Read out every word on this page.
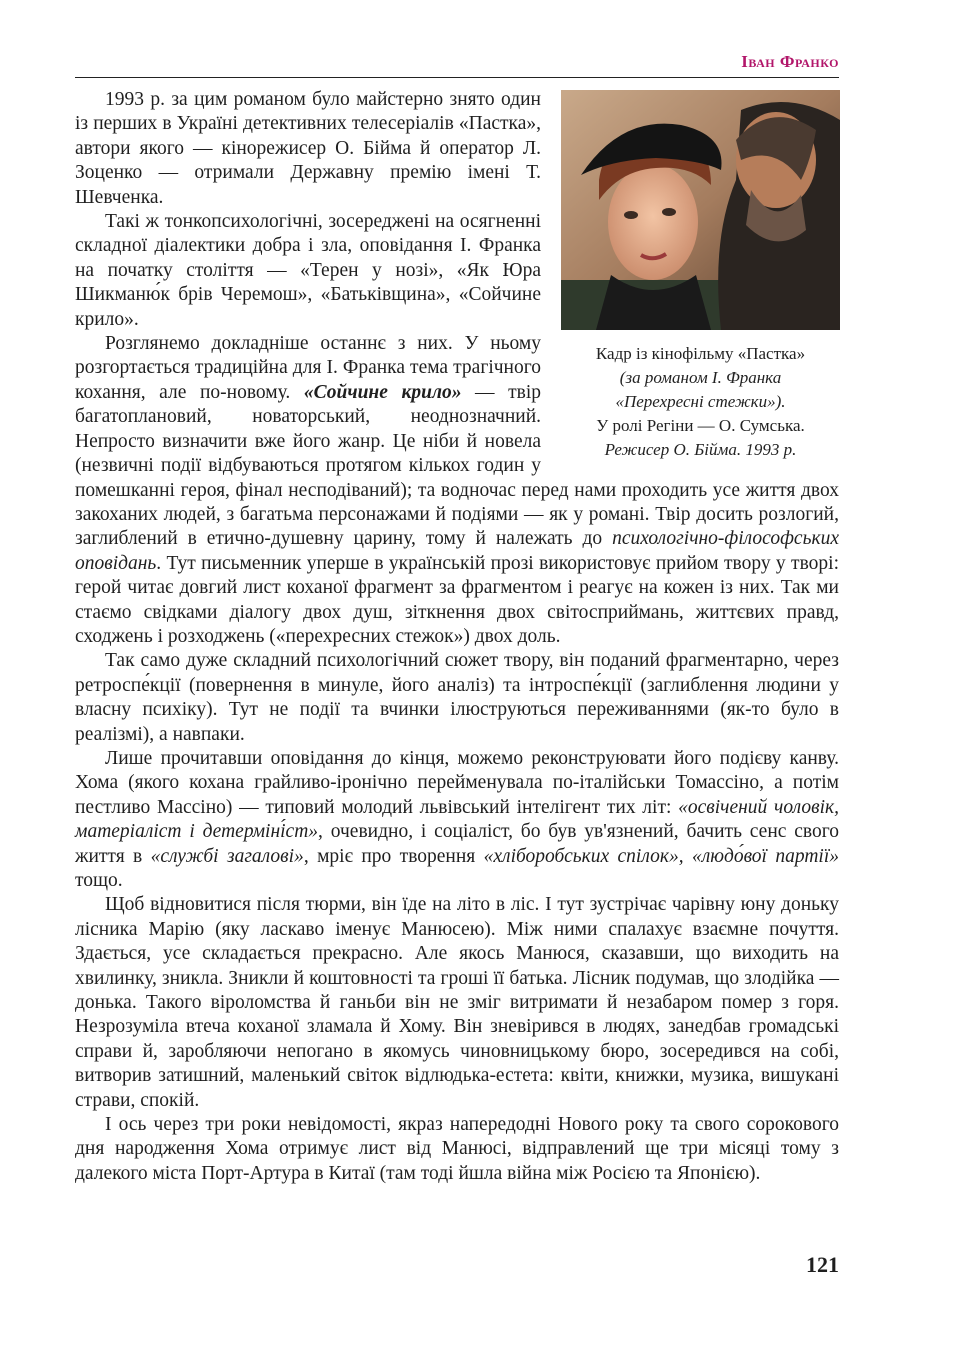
Іван Франко
Кадр із кінофільму «Пастка»
(за романом І. Франка
«Перехресні стежки»).
У ролі Регіни — О. Сумська.
Режисер О. Бійма. 1993 р.

1993 р. за цим романом було майстерно знято один із перших в Україні детективних телесеріалів «Пастка», автори якого — кінорежисер О. Бійма й оператор Л. Зоценко — отримали Державну премію імені Т. Шевченка.

Такі ж тонкопсихологічні, зосереджені на осягненні складної діалектики добра і зла, оповідання І. Франка на початку століття — «Терен у нозі», «Як Юра Шикманю́к брів Черемош», «Батьківщина», «Сойчине крило».

Розглянемо докладніше останнє з них. У ньому розгортається традиційна для І. Франка тема трагічного кохання, але по-новому. «Сойчине крило» — твір багатоплановий, новаторський, неоднозначний. Непросто визначити вже його жанр. Це ніби й новела (незвичні події відбуваються протягом кількох годин у помешканні героя, фінал несподіваний); та водночас перед нами проходить усе життя двох закоханих людей, з багатьма персонажами й подіями — як у романі. Твір досить розлогий, заглиблений в етично-душевну царину, тому й належать до психологічно-філософських оповідань. Тут письменник уперше в українській прозі використовує прийом твору у творі: герой читає довгий лист коханої фрагмент за фрагментом і реагує на кожен із них. Так ми стаємо свідками діалогу двох душ, зіткнення двох світосприймань, життєвих правд, сходжень і розходжень («перехресних стежок») двох доль.

Так само дуже складний психологічний сюжет твору, він поданий фрагментарно, через ретроспе́кції (повернення в минуле, його аналіз) та інтроспе́кції (заглиблення людини у власну психіку). Тут не події та вчинки ілюструються переживаннями (як-то було в реалізмі), а навпаки.

Лише прочитавши оповідання до кінця, можемо реконструювати його подієву канву. Хома (якого кохана грайливо-іронічно перейменувала по-італійськи Томассіно, а потім пестливо Массіно) — типовий молодий львівський інтелігент тих літ: «освічений чоловік, матеріаліст і детерміні́ст», очевидно, і соціаліст, бо був ув'язнений, бачить сенс свого життя в «службі загалові», мріє про творення «хліборобських спілок», «людо́вої партії» тощо.

Щоб відновитися після тюрми, він їде на літо в ліс. І тут зустрічає чарівну юну доньку лісника Марію (яку ласкаво іменує Манюсею). Між ними спалахує взаємне почуття. Здається, усе складається прекрасно. Але якось Манюся, сказавши, що виходить на хвилинку, зникла. Зникли й коштовності та гроші її батька. Лісник подумав, що злодійка — донька. Такого віроломства й ганьби він не зміг витримати й незабаром помер з горя. Незрозуміла втеча коханої зламала й Хому. Він зневірився в людях, занедбав громадські справи й, заробляючи непогано в якомусь чиновницькому бюро, зосередився на собі, витворив затишний, маленький світок відлюдька-естета: квіти, книжки, музика, вишукані страви, спокій.

І ось через три роки невідомості, якраз напередодні Нового року та свого сорокового дня народження Хома отримує лист від Манюсі, відправлений ще три місяці тому з далекого міста Порт-Артура в Китаї (там тоді йшла війна між Росією та Японією).

121
